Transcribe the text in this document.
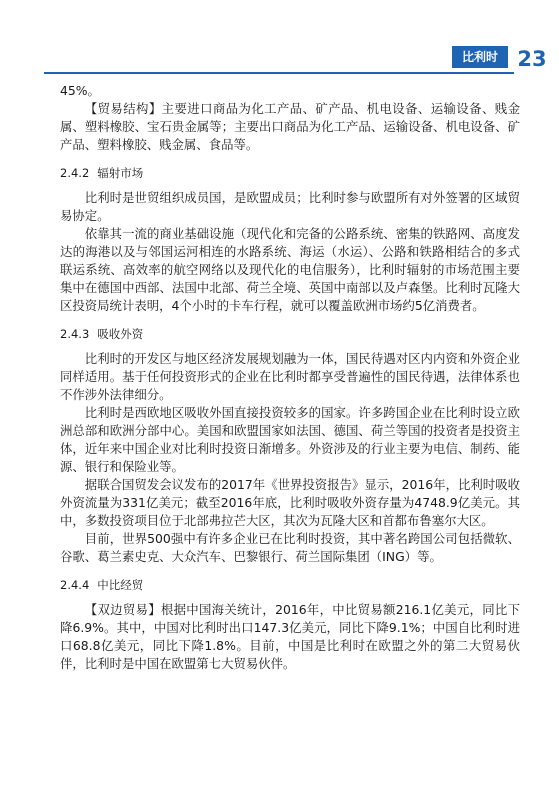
比利时 23

45%。

【贸易结构】主要进口商品为化工产品、矿产品、机电设备、运输设备、贱金属、塑料橡胶、宝石贵金属等；主要出口商品为化工产品、运输设备、机电设备、矿产品、塑料橡胶、贱金属、食品等。

2.4.2 辐射市场

比利时是世贸组织成员国，是欧盟成员；比利时参与欧盟所有对外签署的区域贸易协定。

依靠其一流的商业基础设施（现代化和完备的公路系统、密集的铁路网、高度发达的海港以及与邻国运河相连的水路系统、海运（水运）、公路和铁路相结合的多式联运系统、高效率的航空网络以及现代化的电信服务），比利时辐射的市场范围主要集中在德国中西部、法国中北部、荷兰全境、英国中南部以及卢森堡。比利时瓦隆大区投资局统计表明，4个小时的卡车行程，就可以覆盖欧洲市场约5亿消费者。

2.4.3 吸收外资

比利时的开发区与地区经济发展规划融为一体，国民待遇对区内内资和外资企业同样适用。基于任何投资形式的企业在比利时都享受普遍性的国民待遇，法律体系也不作涉外法律细分。

比利时是西欧地区吸收外国直接投资较多的国家。许多跨国企业在比利时设立欧洲总部和欧洲分部中心。美国和欧盟国家如法国、德国、荷兰等国的投资者是投资主体，近年来中国企业对比利时投资日渐增多。外资涉及的行业主要为电信、制药、能源、银行和保险业等。

据联合国贸发会议发布的2017年《世界投资报告》显示，2016年，比利时吸收外资流量为331亿美元；截至2016年底，比利时吸收外资存量为4748.9亿美元。其中，多数投资项目位于北部弗拉芒大区，其次为瓦隆大区和首都布鲁塞尔大区。

目前，世界500强中有许多企业已在比利时投资，其中著名跨国公司包括微软、谷歌、葛兰素史克、大众汽车、巴黎银行、荷兰国际集团（ING）等。

2.4.4 中比经贸

【双边贸易】根据中国海关统计，2016年，中比贸易额216.1亿美元，同比下降6.9%。其中，中国对比利时出口147.3亿美元，同比下降9.1%；中国自比利时进口68.8亿美元，同比下降1.8%。目前，中国是比利时在欧盟之外的第二大贸易伙伴，比利时是中国在欧盟第七大贸易伙伴。
